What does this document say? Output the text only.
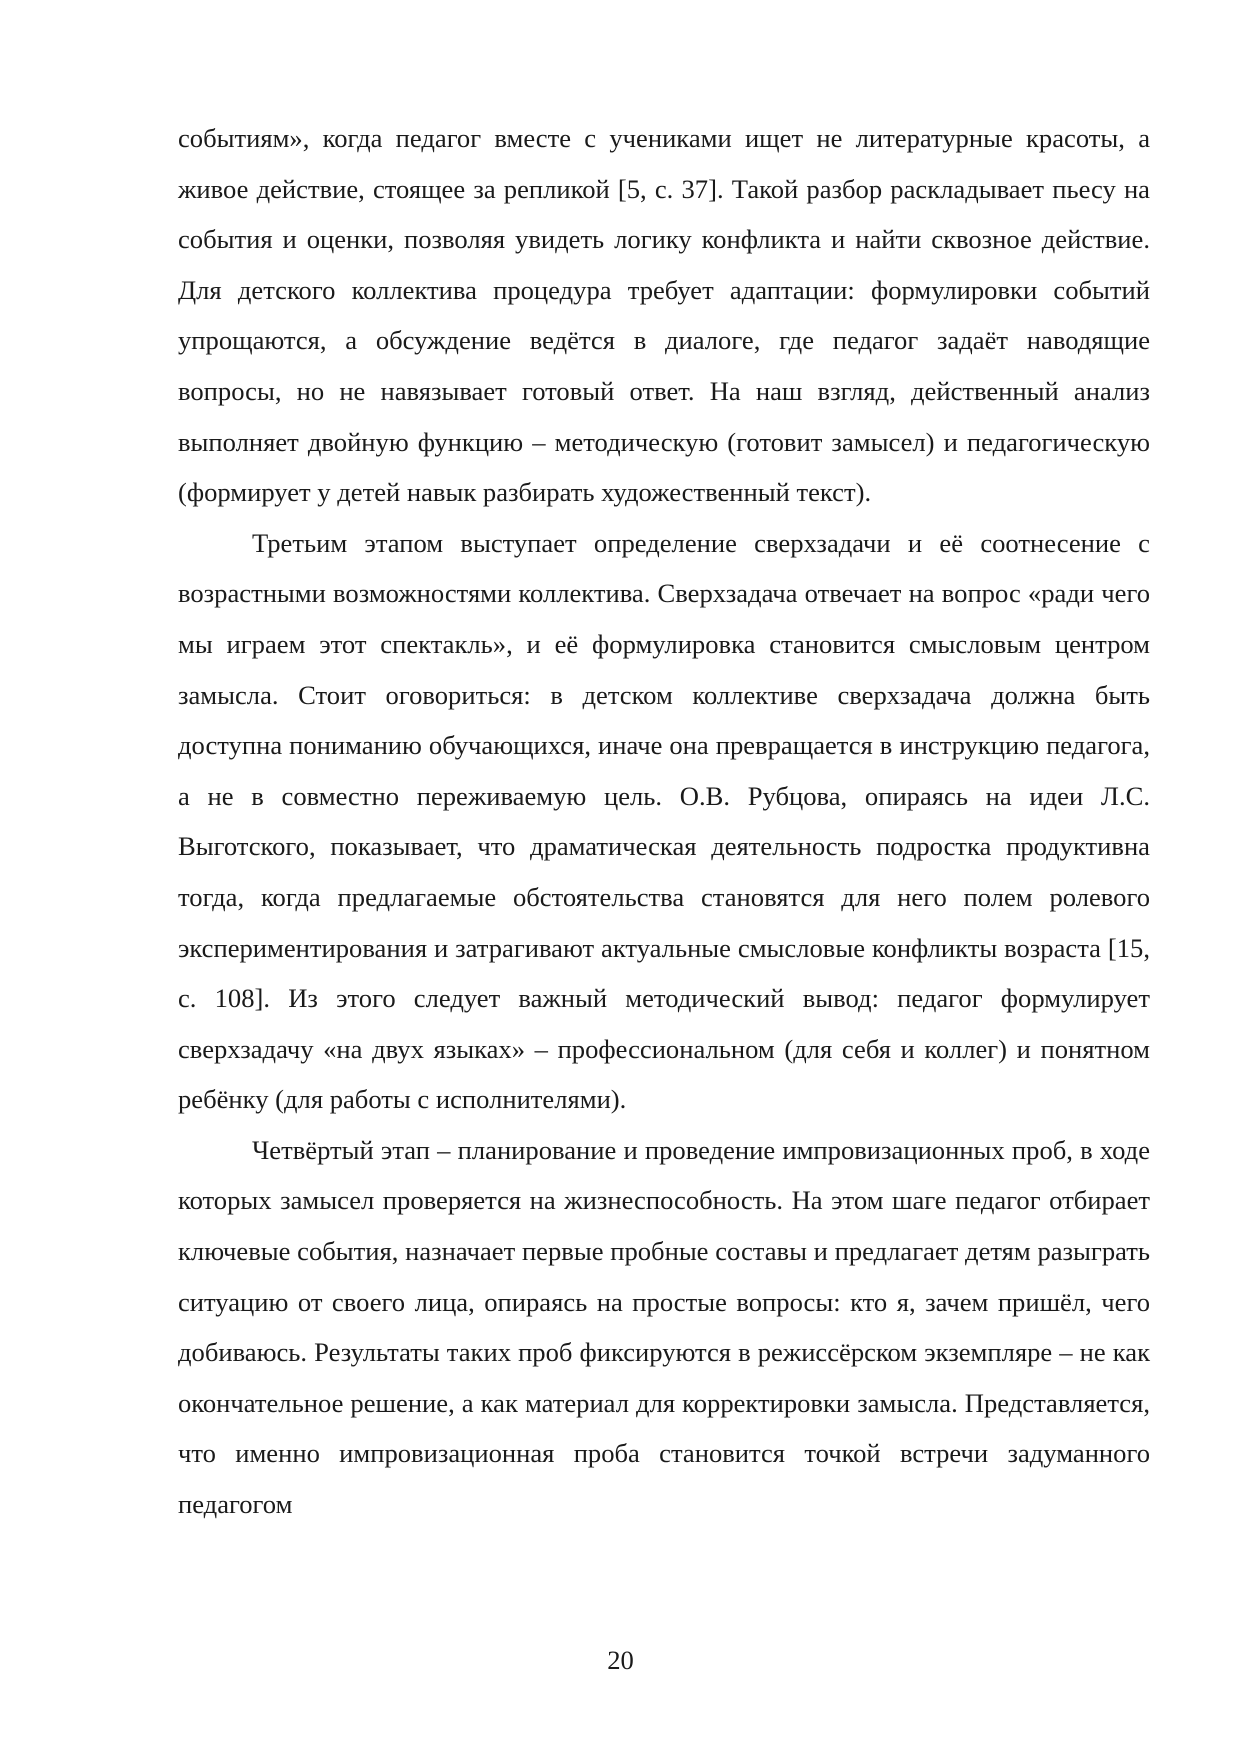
событиям», когда педагог вместе с учениками ищет не литературные красоты, а живое действие, стоящее за репликой [5, с. 37]. Такой разбор раскладывает пьесу на события и оценки, позволяя увидеть логику конфликта и найти сквозное действие. Для детского коллектива процедура требует адаптации: формулировки событий упрощаются, а обсуждение ведётся в диалоге, где педагог задаёт наводящие вопросы, но не навязывает готовый ответ. На наш взгляд, действенный анализ выполняет двойную функцию – методическую (готовит замысел) и педагогическую (формирует у детей навык разбирать художественный текст).

Третьим этапом выступает определение сверхзадачи и её соотнесение с возрастными возможностями коллектива. Сверхзадача отвечает на вопрос «ради чего мы играем этот спектакль», и её формулировка становится смысловым центром замысла. Стоит оговориться: в детском коллективе сверхзадача должна быть доступна пониманию обучающихся, иначе она превращается в инструкцию педагога, а не в совместно переживаемую цель. О.В. Рубцова, опираясь на идеи Л.С. Выготского, показывает, что драматическая деятельность подростка продуктивна тогда, когда предлагаемые обстоятельства становятся для него полем ролевого экспериментирования и затрагивают актуальные смысловые конфликты возраста [15, с. 108]. Из этого следует важный методический вывод: педагог формулирует сверхзадачу «на двух языках» – профессиональном (для себя и коллег) и понятном ребёнку (для работы с исполнителями).

Четвёртый этап – планирование и проведение импровизационных проб, в ходе которых замысел проверяется на жизнеспособность. На этом шаге педагог отбирает ключевые события, назначает первые пробные составы и предлагает детям разыграть ситуацию от своего лица, опираясь на простые вопросы: кто я, зачем пришёл, чего добиваюсь. Результаты таких проб фиксируются в режиссёрском экземпляре – не как окончательное решение, а как материал для корректировки замысла. Представляется, что именно импровизационная проба становится точкой встречи задуманного педагогом

20
